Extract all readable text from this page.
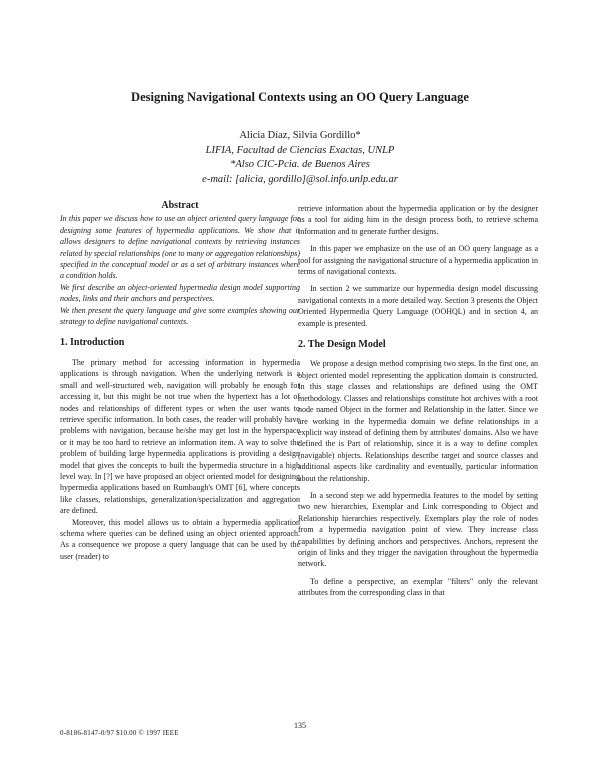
Designing Navigational Contexts using an OO Query Language
Alicia Díaz, Silvia Gordillo*
LIFIA, Facultad de Ciencias Exactas, UNLP
*Also CIC-Pcia. de Buenos Aires
e-mail: [alicia, gordillo]@sol.info.unlp.edu.ar
Abstract

In this paper we discuss how to use an object oriented query language for designing some features of hypermedia applications. We show that it allows designers to define navigational contexts by retrieving instances related by special relationships (one to many or aggregation relationships) specified in the conceptual model or as a set of arbitrary instances where a condition holds.

We first describe an object-oriented hypermedia design model supporting nodes, links and their anchors and perspectives.

We then present the query language and give some examples showing our strategy to define navigational contexts.

1. Introduction

The primary method for accessing information in hypermedia applications is through navigation. When the underlying network is a small and well-structured web, navigation will probably be enough for accessing it, but this might be not true when the hypertext has a lot of nodes and relationships of different types or when the user wants to retrieve specific information. In both cases, the reader will probably have problems with navigation, because he/she may get lost in the hyperspace or it may be too hard to retrieve an information item. A way to solve the problem of building large hypermedia applications is providing a design model that gives the concepts to built the hypermedia structure in a high level way. In [?] we have proposed an object oriented model for designing hypermedia applications based on Rumbaugh's OMT [6], where concepts like classes, relationships, generalization/specialization and aggregation are defined.

Moreover, this model allows us to obtain a hypermedia application schema where queries can be defined using an object oriented approach. As a consequence we propose a query language that can be used by the user (reader) to

retrieve information about the hypermedia application or by the designer as a tool for aiding him in the design process both, to retrieve schema information and to generate further designs.

In this paper we emphasize on the use of an OO query language as a tool for assigning the navigational structure of a hypermedia application in terms of navigational contexts.

In section 2 we summarize our hypermedia design model discussing navigational contexts in a more detailed way. Section 3 presents the Object Oriented Hypermedia Query Language (OOHQL) and in section 4, an example is presented.

2. The Design Model

We propose a design method comprising two steps. In the first one, an object oriented model representing the application domain is constructed. In this stage classes and relationships are defined using the OMT methodology. Classes and relationships constitute hot archives with a root node named Object in the former and Relationship in the latter. Since we are working in the hypermedia domain we define relationships in a explicit way instead of defining them by attributes' domains. Also we have defined the is Part of relationship, since it is a way to define complex (navigable) objects. Relationships describe target and source classes and additional aspects like cardinality and eventually, particular information about the relationship.

In a second step we add hypermedia features to the model by setting two new hierarchies, Exemplar and Link corresponding to Object and Relationship hierarchies respectively. Exemplars play the role of nodes from a hypermedia navigation point of view. They increase class capabilities by defining anchors and perspectives. Anchors, represent the origin of links and they trigger the navigation throughout the hypermedia network.

To define a perspective, an exemplar "filters" only the relevant attributes from the corresponding class in that

135
0-8186-8147-0/97 $10.00 © 1997 IEEE
